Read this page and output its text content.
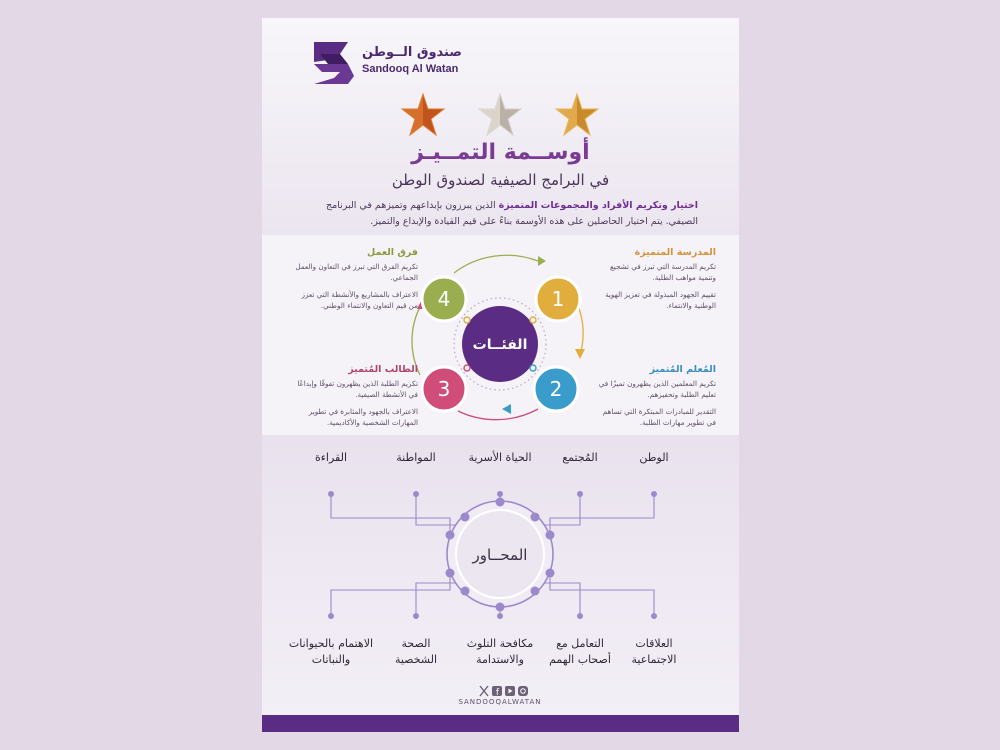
صندوق الــوطن
Sandooq Al Watan
أوســمة التمــيـز
في البرامج الصيفية لصندوق الوطن
اختيار وتكريم الأفراد والمجموعات المتميزة الذين يبرزون بإبداعهم وتميزهم في البرنامج الصيفي. يتم اختيار الحاصلين على هذه الأوسمة بناءً على قيم القيادة والإبداع والتميز.
الفئــات
1
2
3
4
المدرسة المتميزة

تكريم المدرسة التي تبرز في تشجيع وتنمية مواهب الطلبة.

تقييم الجهود المبذولة في تعزيز الهوية الوطنية والانتماء.

المُعلم المُتميز

تكريم المعلمين الذين يظهرون تميزًا في تعليم الطلبة وتحفيزهم.

التقدير للمبادرات المبتكرة التي تساهم في تطوير مهارات الطلبة.

الطالب المُتميز

تكريم الطلبة الذين يظهرون تفوقًا وإبداعًا في الأنشطة الصيفية.

الاعتراف بالجهود والمثابرة في تطوير المهارات الشخصية والأكاديمية.

فرق العمل

تكريم الفرق التي تبرز في التعاون والعمل الجماعي.

الاعتراف بالمشاريع والأنشطة التي تعزز من قيم التعاون والانتماء الوطني.

المحــاور
الوطن
المُجتمع
الحياة الأسرية
المواطنة
القراءة
العلاقات
الاجتماعية
التعامل مع
أصحاب الهمم
مكافحة التلوث
والاستدامة
الصحة
الشخصية
الاهتمام بالحيوانات
والنباتات
f
SANDOOQALWATAN
